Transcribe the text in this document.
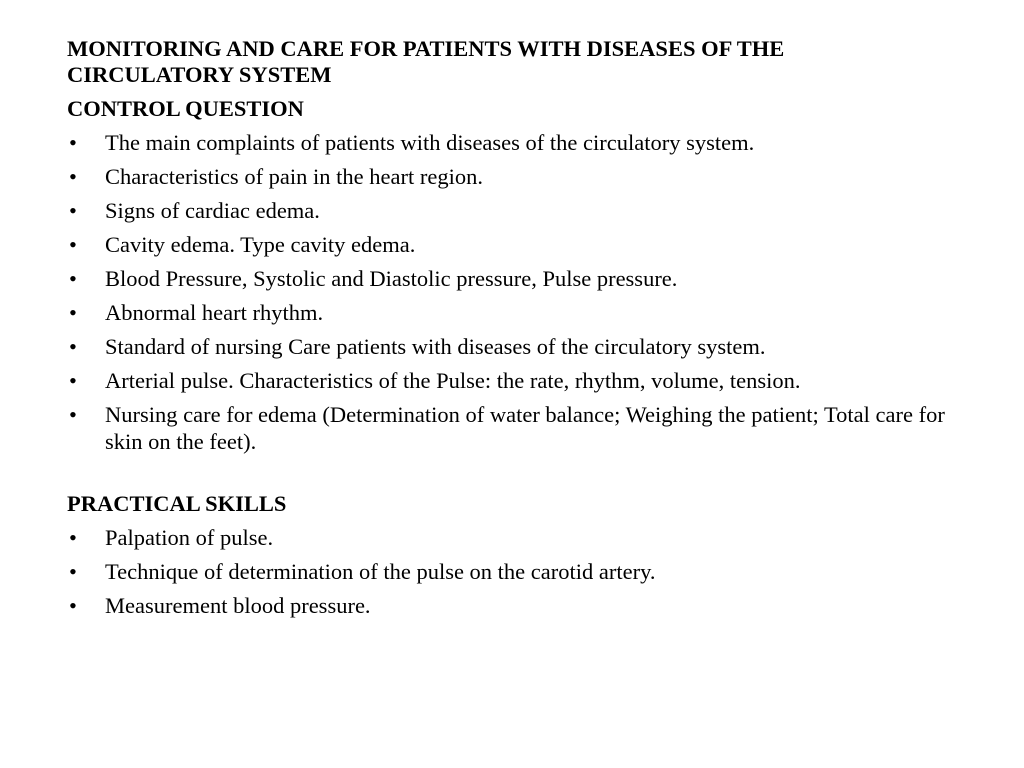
MONITORING AND CARE FOR PATIENTS WITH DISEASES OF THE CIRCULATORY SYSTEM

CONTROL QUESTION

• The main complaints of patients with diseases of the circulatory system.
• Characteristics of pain in the heart region.
• Signs of cardiac edema.
• Cavity edema. Type cavity edema.
• Blood Pressure, Systolic and Diastolic pressure, Pulse pressure.
• Abnormal heart rhythm.
• Standard of nursing Care patients with diseases of the circulatory system.
• Arterial pulse. Characteristics of the Pulse: the rate, rhythm, volume, tension.
• Nursing care for edema (Determination of water balance; Weighing the patient; Total care for skin on the feet).

PRACTICAL SKILLS

• Palpation of pulse.
• Technique of determination of the pulse on the carotid artery.
• Measurement blood pressure.
